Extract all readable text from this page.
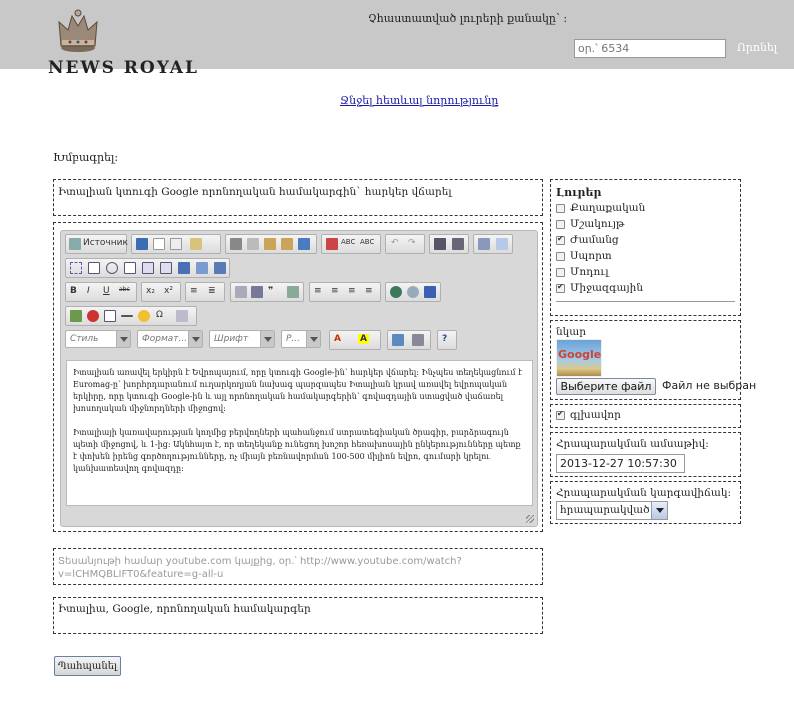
NEWS ROYAL
Չհաստատված լուրերի քանակը՝ :
օր.՝ 6534
Որոնել
Ջնջել հետևալ նորությունը
Խմբագրել:
Իտալիան կտուգի Google որոնողական համակարգին` հարկեր վճարել
Источник	ABC ABC ↶ ↷
B I U abc x₂ x² ≡ ≣	❞	≡ ≡ ≡ ≡
Ω
Стиль	Формат...	Шрифт	Р...	A A	?

Իտալիան առավել երկիրն է Եվրոպայում, որը կտուգի Google-ին՝ հարկեր վճարել: Ինչպես տեղեկացնում է Euromag-ը՝ խորհրդարանում ուղարկողյան նախագ պարզապես Իտալիան կրավ առավել եվրոպական երկիրը, որը կտուգի Google-ին և այլ որոնողական համակարգերին՝ գովազդային ստացված վաճառել խոսողական միջնորդների միջոցով:

Իտալիայի կառավարության կողմից բերվողների պահանջում ստրատեգիական ծրագիր, բարձրագույն պետի միջոցով, և 1-ից: Ակնհայտ է, որ տեղեկանք ունեցող խոշոր հեռախոսային ընկերությունները պետք է փոխեն իրենց գործողությունները, ոչ միայն բեռնավորման 100-500 միլիոն եվրո, գումարի կրելու կանխատեսվող գովազդը:

Տեսանյութի համար youtube.com կայքից, օր.՝ http://www.youtube.com/watch?v=lCHMQBLIFT0&feature=g-all-u
Իտալիա, Google, որոնողական համակարգեր
Պահպանել
Լուրեր
Քաղաքական
Մշակույթ
✔
Ժամանց
Սպորտ
Մոդուլ
✔
Միջազգային
նկար
Google
Выберите файл Файл не выбран
✔
գլխավոր
Հրապարակման ամսաթիվ:
2013-12-27 10:57:30
Հրապարակման կարգավիճակ:
հրապարակված
